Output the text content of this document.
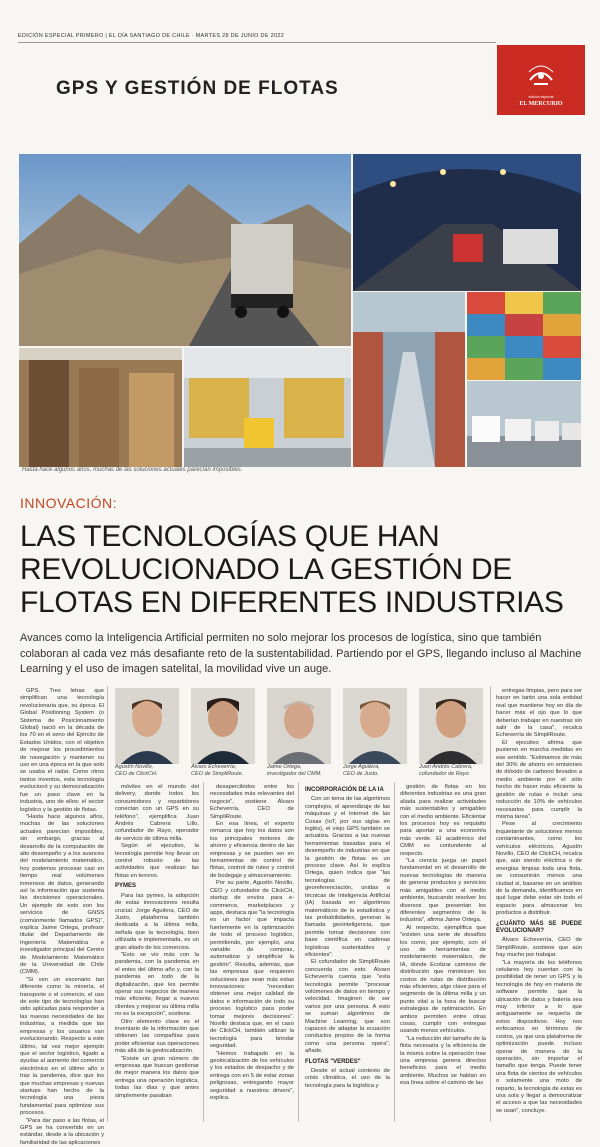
EDICIÓN ESPECIAL PRIMERO | EL DÍA SANTIAGO DE CHILE · MARTES 28 DE JUNIO DE 2022
GPS Y GESTIÓN DE FLOTAS	edición especial
EL MERCURIO
Hasta hace algunos años, muchas de las soluciones actuales parecían imposibles.
INNOVACIÓN:
LAS TECNOLOGÍAS QUE HAN REVOLUCIONADO LA GESTIÓN DE FLOTAS EN DIFERENTES INDUSTRIAS
Avances como la Inteligencia Artificial permiten no solo mejorar los procesos de logística, sino que también colaboran al cada vez más desafiante reto de la sustentabilidad. Partiendo por el GPS, llegando incluso al Machine Learning y el uso de imagen satelital, la movilidad vive un auge.
Agustín Novillo,
CEO de ClickCH.
Álvaro Echeverría,
CEO de SimpliRoute.
Jaime Ortega,
investigador del CMM.
Jorge Aguilera,
CEO de Justo.
Juan Andrés Cabrera,
cofundador de Rayo.

GPS. Tres letras que simplifican una tecnología revolucionaria que, su época. El Global Positioning System (o Sistema de Posicionamiento Global) nació en la década de los 70 en el seno del Ejército de Estados Unidos, con el objetivo de mejorar los procedimientos de navegación y mantener su uso en una época en la que solo se usaba el radar. Como otros tantos inventos, esta tecnología evolucionó y su democratización fue un paso clave en la industria, uno de ellos: el sector logístico y la gestión de flotas.

"Hasta hace algunos años, muchas de las soluciones actuales parecían imposibles, sin embargo, gracias al desarrollo de la computación de alto desempeño y a los avances del modelamiento matemático, hoy podemos procesar casi en tiempo real volúmenes inmensos de datos, generando así la información que sustenta las decisiones operacionales. Un ejemplo de esto son los servicios de GNSS (comúnmente llamados GPS)", explica Jaime Ortega, profesor titular del Departamento de Ingeniería Matemática e investigador principal del Centro de Modelamiento Matemático de la Universidad de Chile (CMM).

"Si ven un escenario tan diferente como la minería, el transporte o el comercio, el uso de este tipo de tecnologías han sido aplicadas para responder a las nuevas necesidades de las industrias, a medida que las empresas y los usuarios van evolucionando. Respecto a este último, tal vez mejor ejemplo que el sector logístico, ligado a ayudas al aumento del comercio electrónico en el último año o tras la pandemia, dice que los que muchas empresas y nuevas startups han hecho de la tecnología una pieza fundamental para optimizar sus procesos.

"Para dar paso a las flotas, el GPS se ha convertido en un estándar, desde a la ubicación y familiaridad de las aplicaciones

móviles en el mundo del delivery, donde todos los consumidores y repartidores conectan con un GPS en su teléfono", ejemplifica Juan Andrés Cabrera Lillo, cofundador de Rayo, operador de servicio de última milla.

Según el ejecutivo, la tecnología permite hoy llevar un control robusto de las actividades que realizan las flotas en terreno.

PYMES

Para las pymes, la adopción de estas innovaciones resulta crucial. Jorge Aguilera, CEO de Justo, plataforma también dedicada a la última milla, señala que la tecnología, bien utilizada e implementada, es un gran aliado de los comercios.

"Esto se vio más con la pandemia, con la pandemia en el entes del último año y, con la pandemia en todo de la digitalización, que les permite operar sus negocios de manera más eficiente, llegar a nuevos clientes y mejorar su última milla no es la excepción", sostiene.

Otro elemento clave es el inventario de la información que obtienen las compañías para poder eficientar sus operaciones más allá de la geolocalización.

"Existe un gran número de empresas que buscan gestionar de mejor manera los datos que entrega una operación logística, todas las días y que antes simplemente pasaban

desapercibidos entre los necesidades más relevantes del negocio", sostiene Álvaro Echeverría, CEO de SimpliRoute.

En esa línea, el experto remarca que hoy los datos son los principales motores de ahorro y eficiencia dentro de las empresas y se pueden ver en herramientas de control de flotas, control de ruteo y control de bodegaje y almacenamiento.

Por su parte, Agustín Novillo, CEO y cofundador de ClickCH, startup de envíos para e-commerce, marketplaces y apps, destaca que "la tecnología es un factor que impacta fuertemente en la optimización de todo el proceso logístico, permitiendo, por ejemplo, una variable de compras, automatizar y simplificar la gestión". Resulta, además, que las empresas que requieren soluciones que sean más estas innovaciones: "necesitan obtener una mejor calidad de datos e información de todo su proceso logístico para poder tomar mejores decisiones". Novillo destaca que, en el caso de ClickCH, también utilizan la tecnología para brindar seguridad.

"Hemos trabajado en la geolocalización de los vehículos y los estados de despacho y de entrega con en 5 de estar zonas peligrosas, entregando mayor seguridad a nuestros drivers", explica.

INCORPORACIÓN DE LA IA

Con un tema de las algoritmos complejos, el aprendizaje de las máquinas y el internet de las Cosas (IoT, por sus siglas en inglés), el viejo GPS también se actualiza. Gracias a las nuevas herramientas basadas para el desempeño de industrias en que la gestión de flotas es un proceso clave. Así lo explica Ortega, quien indica que "las tecnologías de georeferenciación, unidas a técnicas de Inteligencia Artificial (IA) basada en algoritmos matemáticos de la estadística y las probabilidades, generan la llamada geointeligencia, que permite tomar decisiones con base científica en cadenas logísticas sustentables y eficientes".

El cofundador de SimpliRoute concuerda con esto. Álvaro Echeverría cuenta que "esta tecnología permite "procesar volúmenes de datos en tiempo y velocidad. Imaginen de ser varios por una persona. A esto se suman algoritmos de Machine Learning, que son capaces de adaptar la ecuación conductos propios de la forma como una persona opera", añade.

FLOTAS "VERDES"

Desde el actual contexto de crisis climática, el uso de la tecnología para la logística y

gestión de flotas en los diferentes industrias es una gran aliada para realizar actividades más sustentables y amigables con el medio ambiente. Eficientar los procesos hoy es requisito para aportar a una economía más verde. El académico del CMM es contundente al respecto.

"La ciencia juega un papel fundamental en el desarrollo de nuevas tecnologías de manera de generar productos y servicios más amigables con el medio ambiente, buscando resolver los diversos que presentan los diferentes segmentos de la industria", afirma Jaime Ortega.

Al respecto, ejemplifica que "existen una serie de desafíos los como, por ejemplo, con el uso de herramientas de modelamiento matemático, de IA, donde Ecotizar caminos de distribución que minimicen los costos de rutas de distribución más eficientes, algo clave para el segmento de la última milla y un punto vital a la hora de buscar estrategias de optimización. En ambos permiten entre otras cosas, cumplir con entregas usando menos vehículos.

"La reducción del tamaño de la flota necesaria y la eficiencia de la misma sobre la operación trae una empresa genera directos beneficios para el medio ambiente. Muchos se hablan en esa línea sobre el camino de las

entregas limpias, pero para ser hacer en tanto una sola entidad real que mantiene hoy en día de hacer más el ojo que lo que deberían trabajar en nuestras sin salir de la casa", recalca Echeverría de SimpliRoute.

El ejecutivo afirma que pusieron en marcha medidas en ese sentido. "Estimamos de más del 30% de ahorro en emisiones de dióxido de carbono llevados a medio ambiente por el sólo hecho de hacer más eficiente la gestión de rutas e incluir una reducción de 10% de vehículos necesarios para cumplir la misma tarea".

Pese al crecimiento inquietante de soluciones menos contaminantes, como los vehículos eléctricos, Agustín Novillo, CEO de ClickCH, recalca que, aún siendo eléctrica o de energías limpias toda una flota, se consumirán menos una ciudad si, basarse en un análisis de la demanda, identificamos en qué lugar debe estar sin todo el espacio para almacenar los productos a distribuir.

¿CUÁNTO MÁS SE PUEDE EVOLUCIONAR?

Álvaro Echeverría, CEO de SimpliRoute, sostiene que aún hay mucho por trabajar.

"La mayoría de los teléfonos celulares hoy cuentan con la posibilidad de tener un GPS y la tecnología de hoy en materia de software permite que la ubicación de datos y batería sea muy inferior a lo que antiguamente se requería de estos dispositivos. Hoy nos enfocamos en términos de costos, ya que una plataforma de optimización puede incluso operar de manera de la operación, sin importar el tamaño que tenga. Puede tener una flota de cientos de vehículos o solamente una moto de reparto, la tecnología de estas es una sola y llegar a democratizar el acceso a que las necesidades se usan", concluye.
